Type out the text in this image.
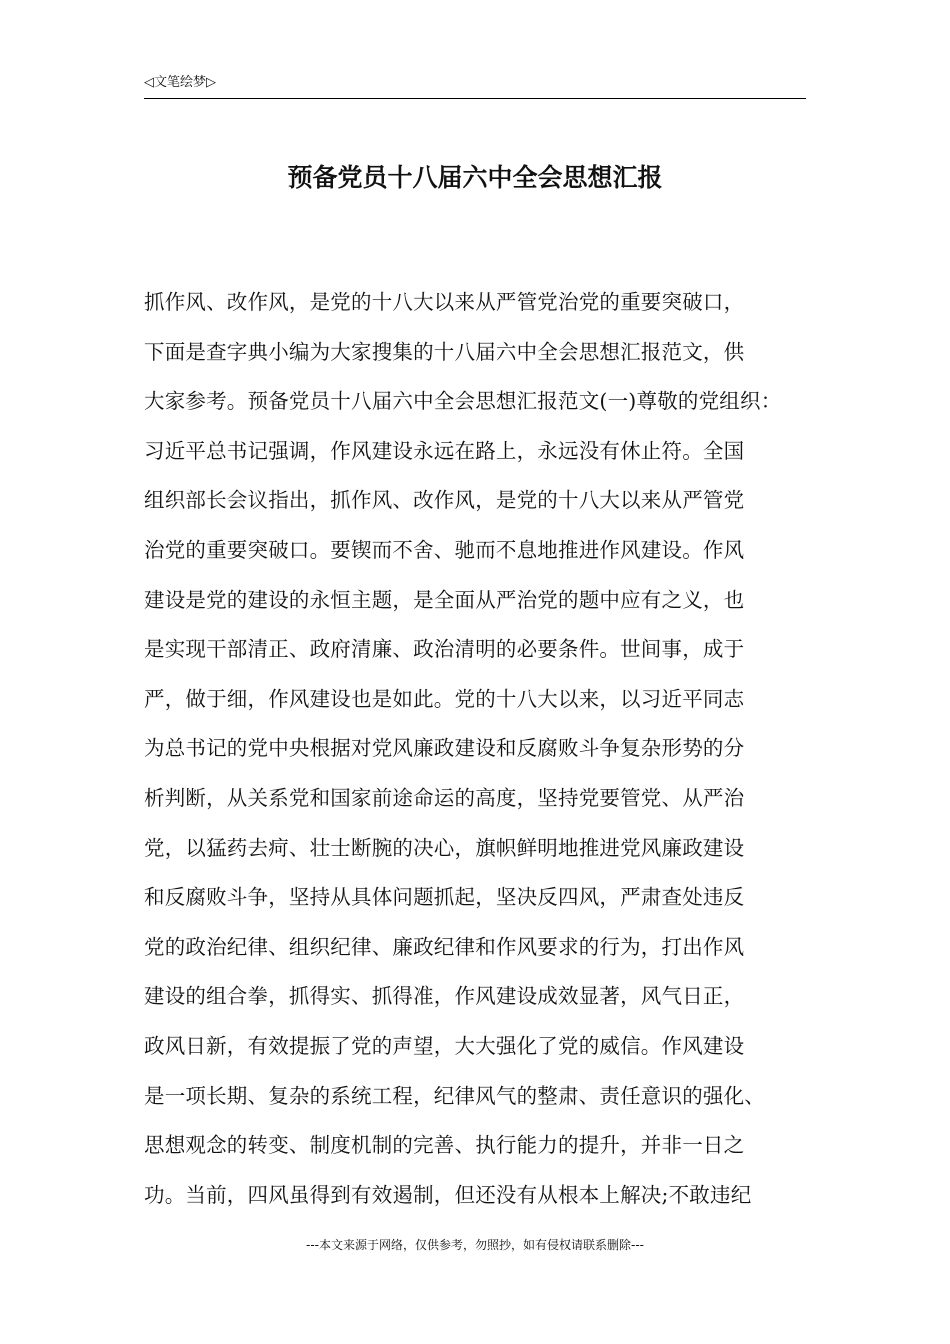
◁文笔绘梦▷
预备党员十八届六中全会思想汇报
抓作风、改作风，是党的十八大以来从严管党治党的重要突破口，
下面是查字典小编为大家搜集的十八届六中全会思想汇报范文，供
大家参考。预备党员十八届六中全会思想汇报范文(一)尊敬的党组织：
习近平总书记强调，作风建设永远在路上，永远没有休止符。全国
组织部长会议指出，抓作风、改作风，是党的十八大以来从严管党
治党的重要突破口。要锲而不舍、驰而不息地推进作风建设。作风
建设是党的建设的永恒主题，是全面从严治党的题中应有之义，也
是实现干部清正、政府清廉、政治清明的必要条件。世间事，成于
严，做于细，作风建设也是如此。党的十八大以来，以习近平同志
为总书记的党中央根据对党风廉政建设和反腐败斗争复杂形势的分
析判断，从关系党和国家前途命运的高度，坚持党要管党、从严治
党，以猛药去疴、壮士断腕的决心，旗帜鲜明地推进党风廉政建设
和反腐败斗争，坚持从具体问题抓起，坚决反四风，严肃查处违反
党的政治纪律、组织纪律、廉政纪律和作风要求的行为，打出作风
建设的组合拳，抓得实、抓得准，作风建设成效显著，风气日正，
政风日新，有效提振了党的声望，大大强化了党的威信。作风建设
是一项长期、复杂的系统工程，纪律风气的整肃、责任意识的强化、
思想观念的转变、制度机制的完善、执行能力的提升，并非一日之
功。当前，四风虽得到有效遏制，但还没有从根本上解决;不敢违纪
---本文来源于网络，仅供参考，勿照抄，如有侵权请联系删除---
